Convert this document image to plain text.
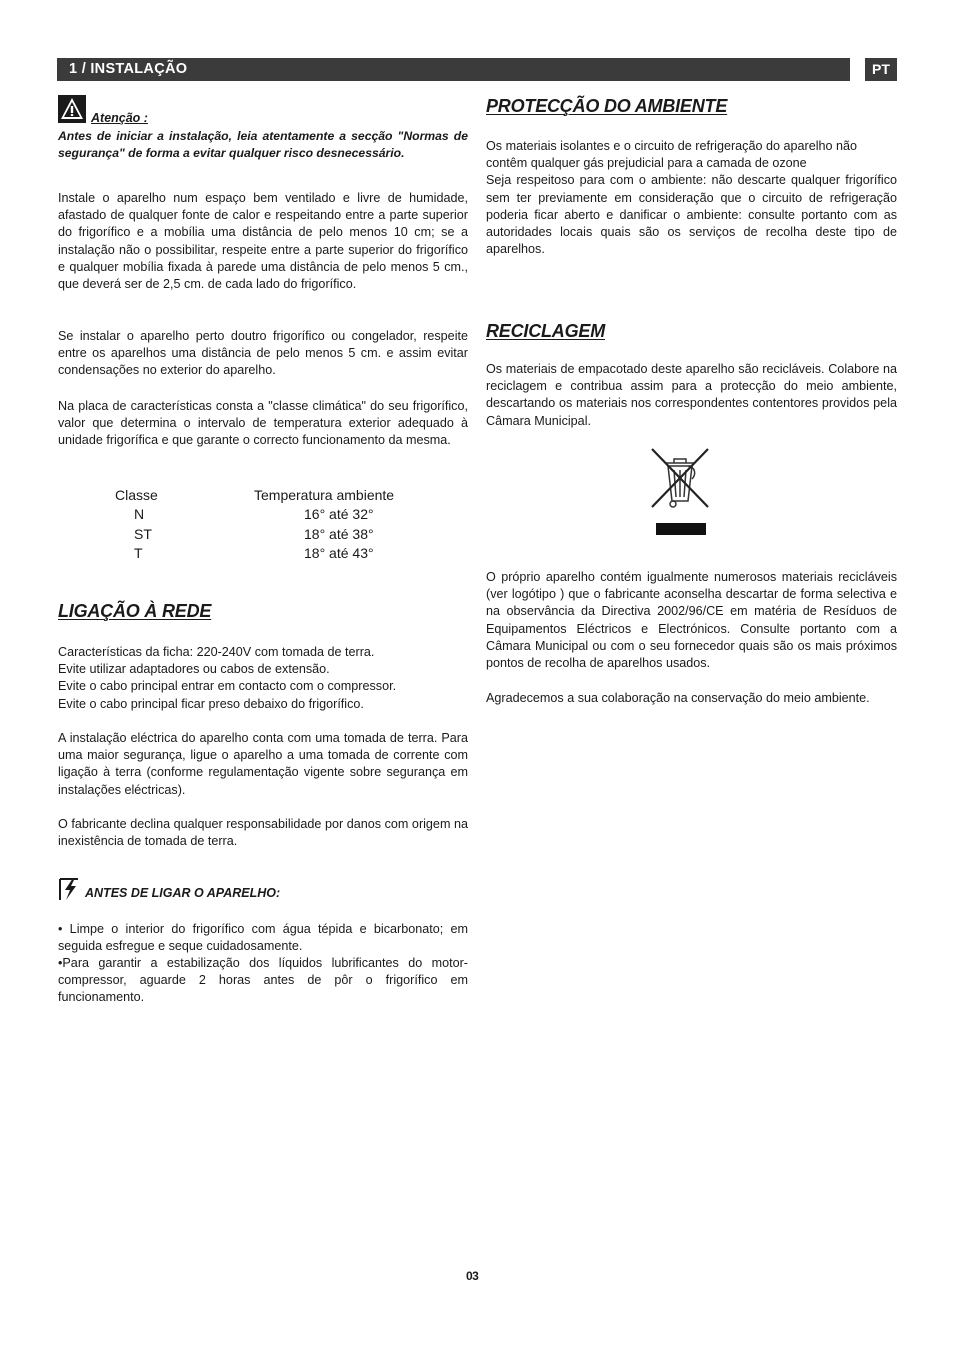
1 / INSTALAÇÃO	PT
Atenção :

Antes de iniciar a instalação, leia atentamente a secção "Normas de segurança" de forma a evitar qualquer risco desnecessário.

Instale o aparelho num espaço bem ventilado e livre de humidade, afastado de qualquer fonte de calor e respeitando entre a parte superior do frigorífico e a mobília uma distância de pelo menos 10 cm; se a instalação não o possibilitar, respeite entre a parte superior do frigorífico e qualquer mobília fixada à parede uma distância de pelo menos 5 cm., que deverá ser de 2,5 cm. de cada lado do frigorífico.

Se instalar o aparelho perto doutro frigorífico ou congelador, respeite entre os aparelhos uma distância de pelo menos 5 cm. e assim evitar condensações no exterior do aparelho.

Na placa de características consta a "classe climática" do seu frigorífico, valor que determina o intervalo de temperatura exterior adequado à unidade frigorífica e que garante o correcto funcionamento da mesma.

Classe	Temperatura ambiente
N	16° até 32°
ST	18° até 38°
T	18° até 43°
LIGAÇÃO À REDE
Características da ficha: 220-240V com tomada de terra.
Evite utilizar adaptadores ou cabos de extensão.
Evite o cabo principal entrar em contacto com o compressor.
Evite o cabo principal ficar preso debaixo do frigorífico.

A instalação eléctrica do aparelho conta com uma tomada de terra. Para uma maior segurança, ligue o aparelho a uma tomada de corrente com ligação à terra (conforme regulamentação vigente sobre segurança em instalações eléctricas).

O fabricante declina qualquer responsabilidade por danos com origem na inexistência de tomada de terra.

ANTES DE LIGAR O APARELHO:

• Limpe o interior do frigorífico com água tépida e bicarbonato; em seguida esfregue e seque cuidadosamente.

•Para garantir a estabilização dos líquidos lubrificantes do motor-compressor, aguarde 2 horas antes de pôr o frigorífico em funcionamento.

PROTECÇÃO DO AMBIENTE
Os materiais isolantes e o circuito de refrigeração do aparelho não contêm qualquer gás prejudicial para a camada de ozone
Seja respeitoso para com o ambiente: não descarte qualquer frigorífico sem ter previamente em consideração que o circuito de refrigeração poderia ficar aberto e danificar o ambiente: consulte portanto com as autoridades locais quais são os serviços de recolha deste tipo de aparelhos.
RECICLAGEM

Os materiais de empacotado deste aparelho são recicláveis. Colabore na reciclagem e contribua assim para a protecção do meio ambiente, descartando os materiais nos correspondentes contentores providos pela Câmara Municipal.

O próprio aparelho contém igualmente numerosos materiais recicláveis (ver logótipo ) que o fabricante aconselha descartar de forma selectiva e na observância da Directiva 2002/96/CE em matéria de Resíduos de Equipamentos Eléctricos e Electrónicos. Consulte portanto com a Câmara Municipal ou com o seu fornecedor quais são os mais próximos pontos de recolha de aparelhos usados.

Agradecemos a sua colaboração na conservação do meio ambiente.

03
